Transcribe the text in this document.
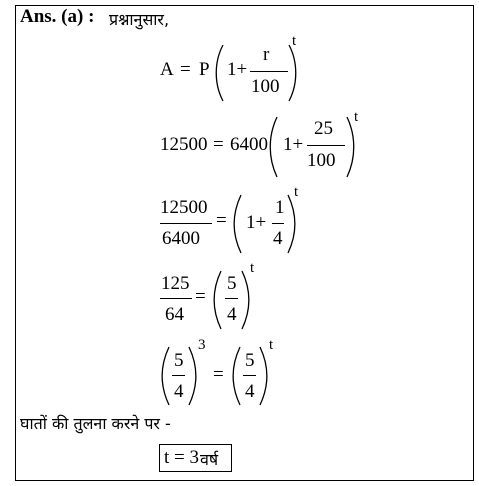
Ans. (a) : प्रश्नानुसार,
A = P 1+
r
100
t
12500 = 6400 1+
25
100
t
12500
6400
= 1+
1
4
t
125
64
=
5
4
t
5
4
3
=
5
4
t
घातों की तुलना करने पर -
t = 3 वर्ष
